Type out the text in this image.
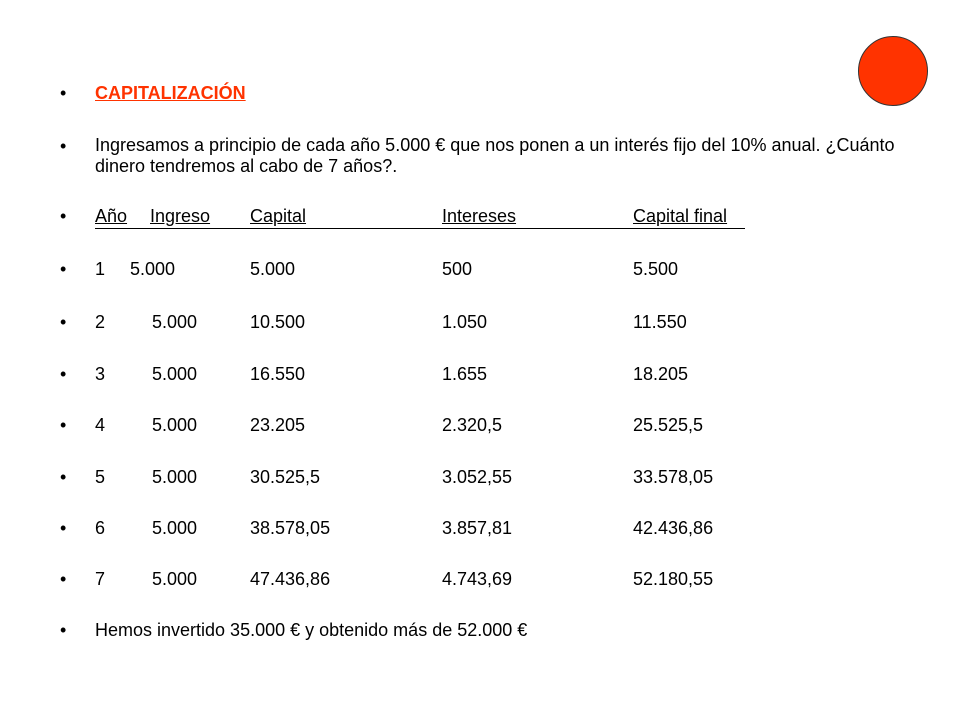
• CAPITALIZACIÓN
• Ingresamos a principio de cada año 5.000 € que nos ponen a un interés fijo del 10% anual. ¿Cuánto dinero tendremos al cabo de 7 años?.
• Año Ingreso Capital	Intereses	Capital final
• 1 5.000	5.000	500	5.500
• 2	5.000	10.500	1.050	11.550
• 3	5.000	16.550	1.655	18.205
• 4	5.000	23.205	2.320,5	25.525,5
• 5	5.000	30.525,5	3.052,55	33.578,05
• 6	5.000	38.578,05	3.857,81	42.436,86
• 7	5.000	47.436,86	4.743,69	52.180,55
• Hemos invertido 35.000 € y obtenido más de 52.000 €
